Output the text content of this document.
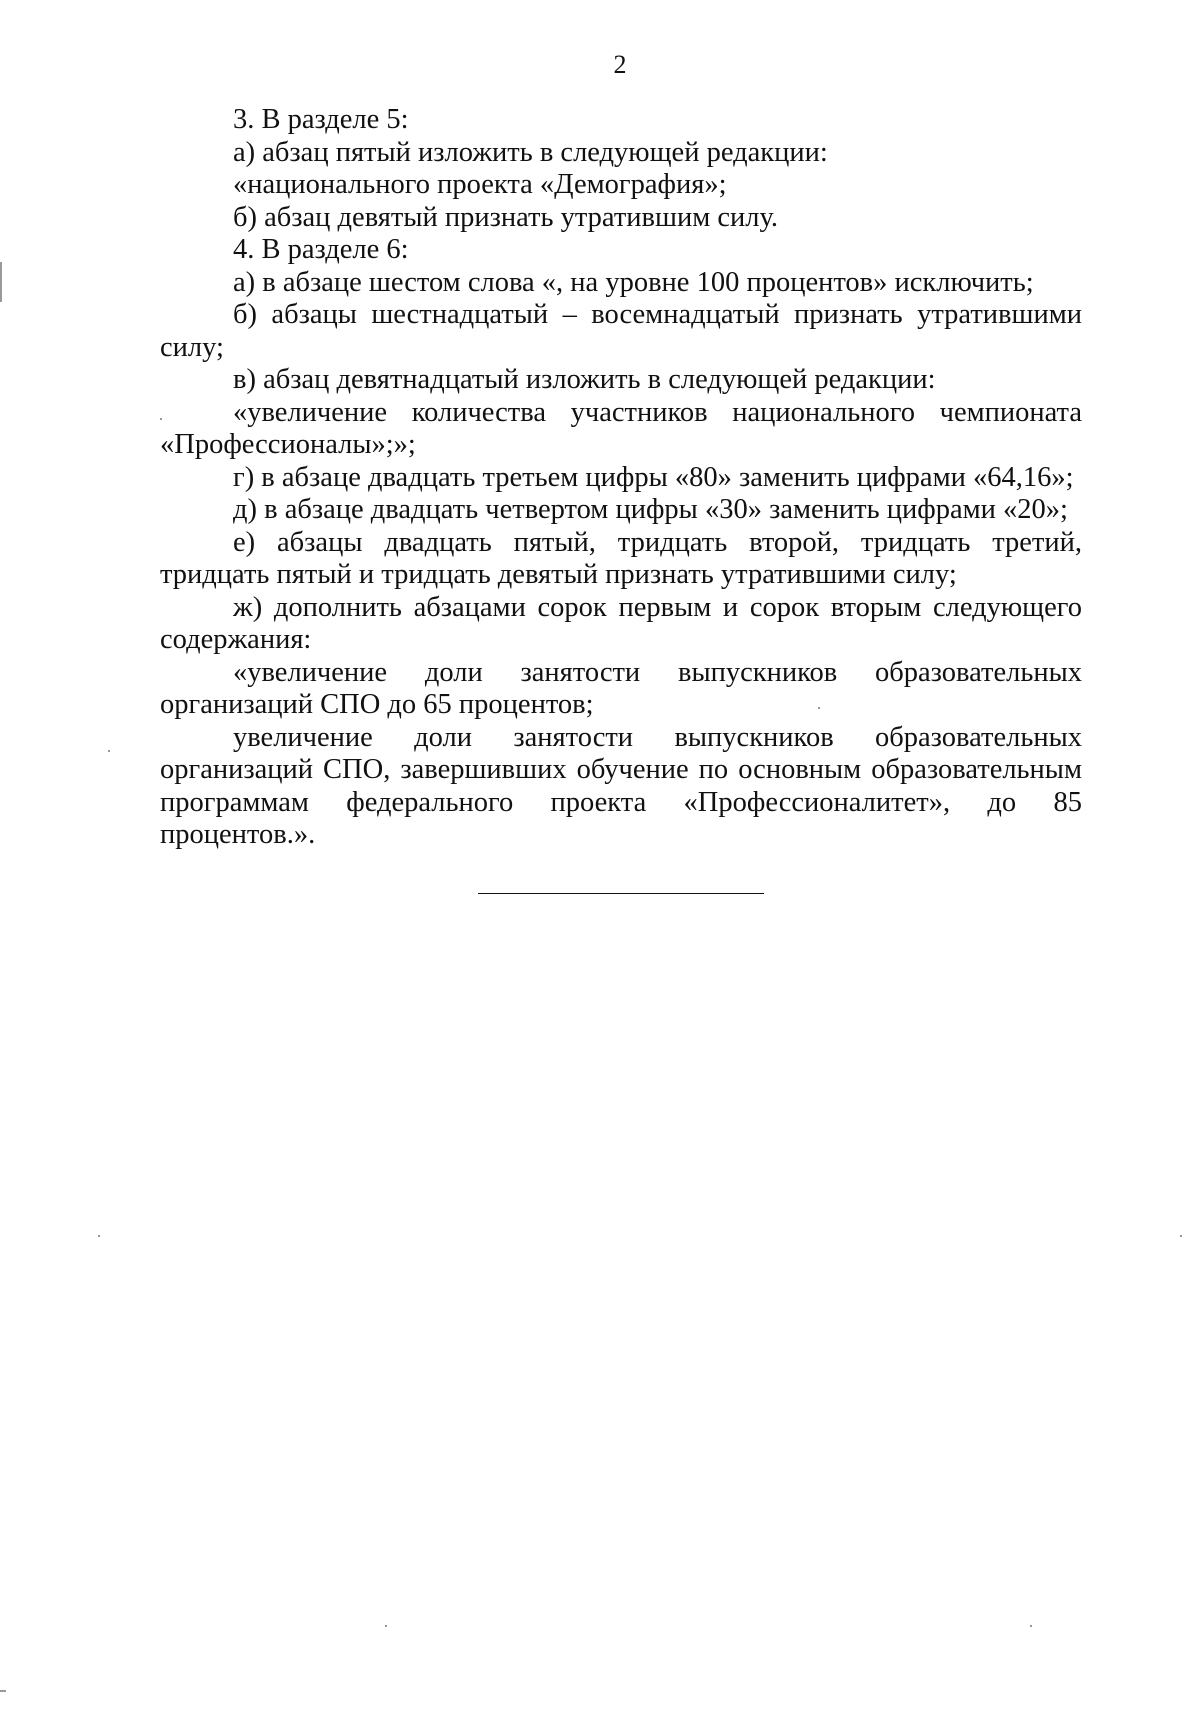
2

3. В разделе 5:

а) абзац пятый изложить в следующей редакции:

«национального проекта «Демография»;

б) абзац девятый признать утратившим силу.

4. В разделе 6:

а) в абзаце шестом слова «, на уровне 100 процентов» исключить;

б) абзацы шестнадцатый – восемнадцатый признать утратившими силу;

в) абзац девятнадцатый изложить в следующей редакции:

«увеличение количества участников национального чемпионата «Профессионалы»;»;

г) в абзаце двадцать третьем цифры «80» заменить цифрами «64,16»;

д) в абзаце двадцать четвертом цифры «30» заменить цифрами «20»;

е) абзацы двадцать пятый, тридцать второй, тридцать третий, тридцать пятый и тридцать девятый признать утратившими силу;

ж) дополнить абзацами сорок первым и сорок вторым следующего содержания:

«увеличение доли занятости выпускников образовательных организаций СПО до 65 процентов;

увеличение доли занятости выпускников образовательных организаций СПО, завершивших обучение по основным образовательным программам федерального проекта «Профессионалитет», до 85 процентов.».
